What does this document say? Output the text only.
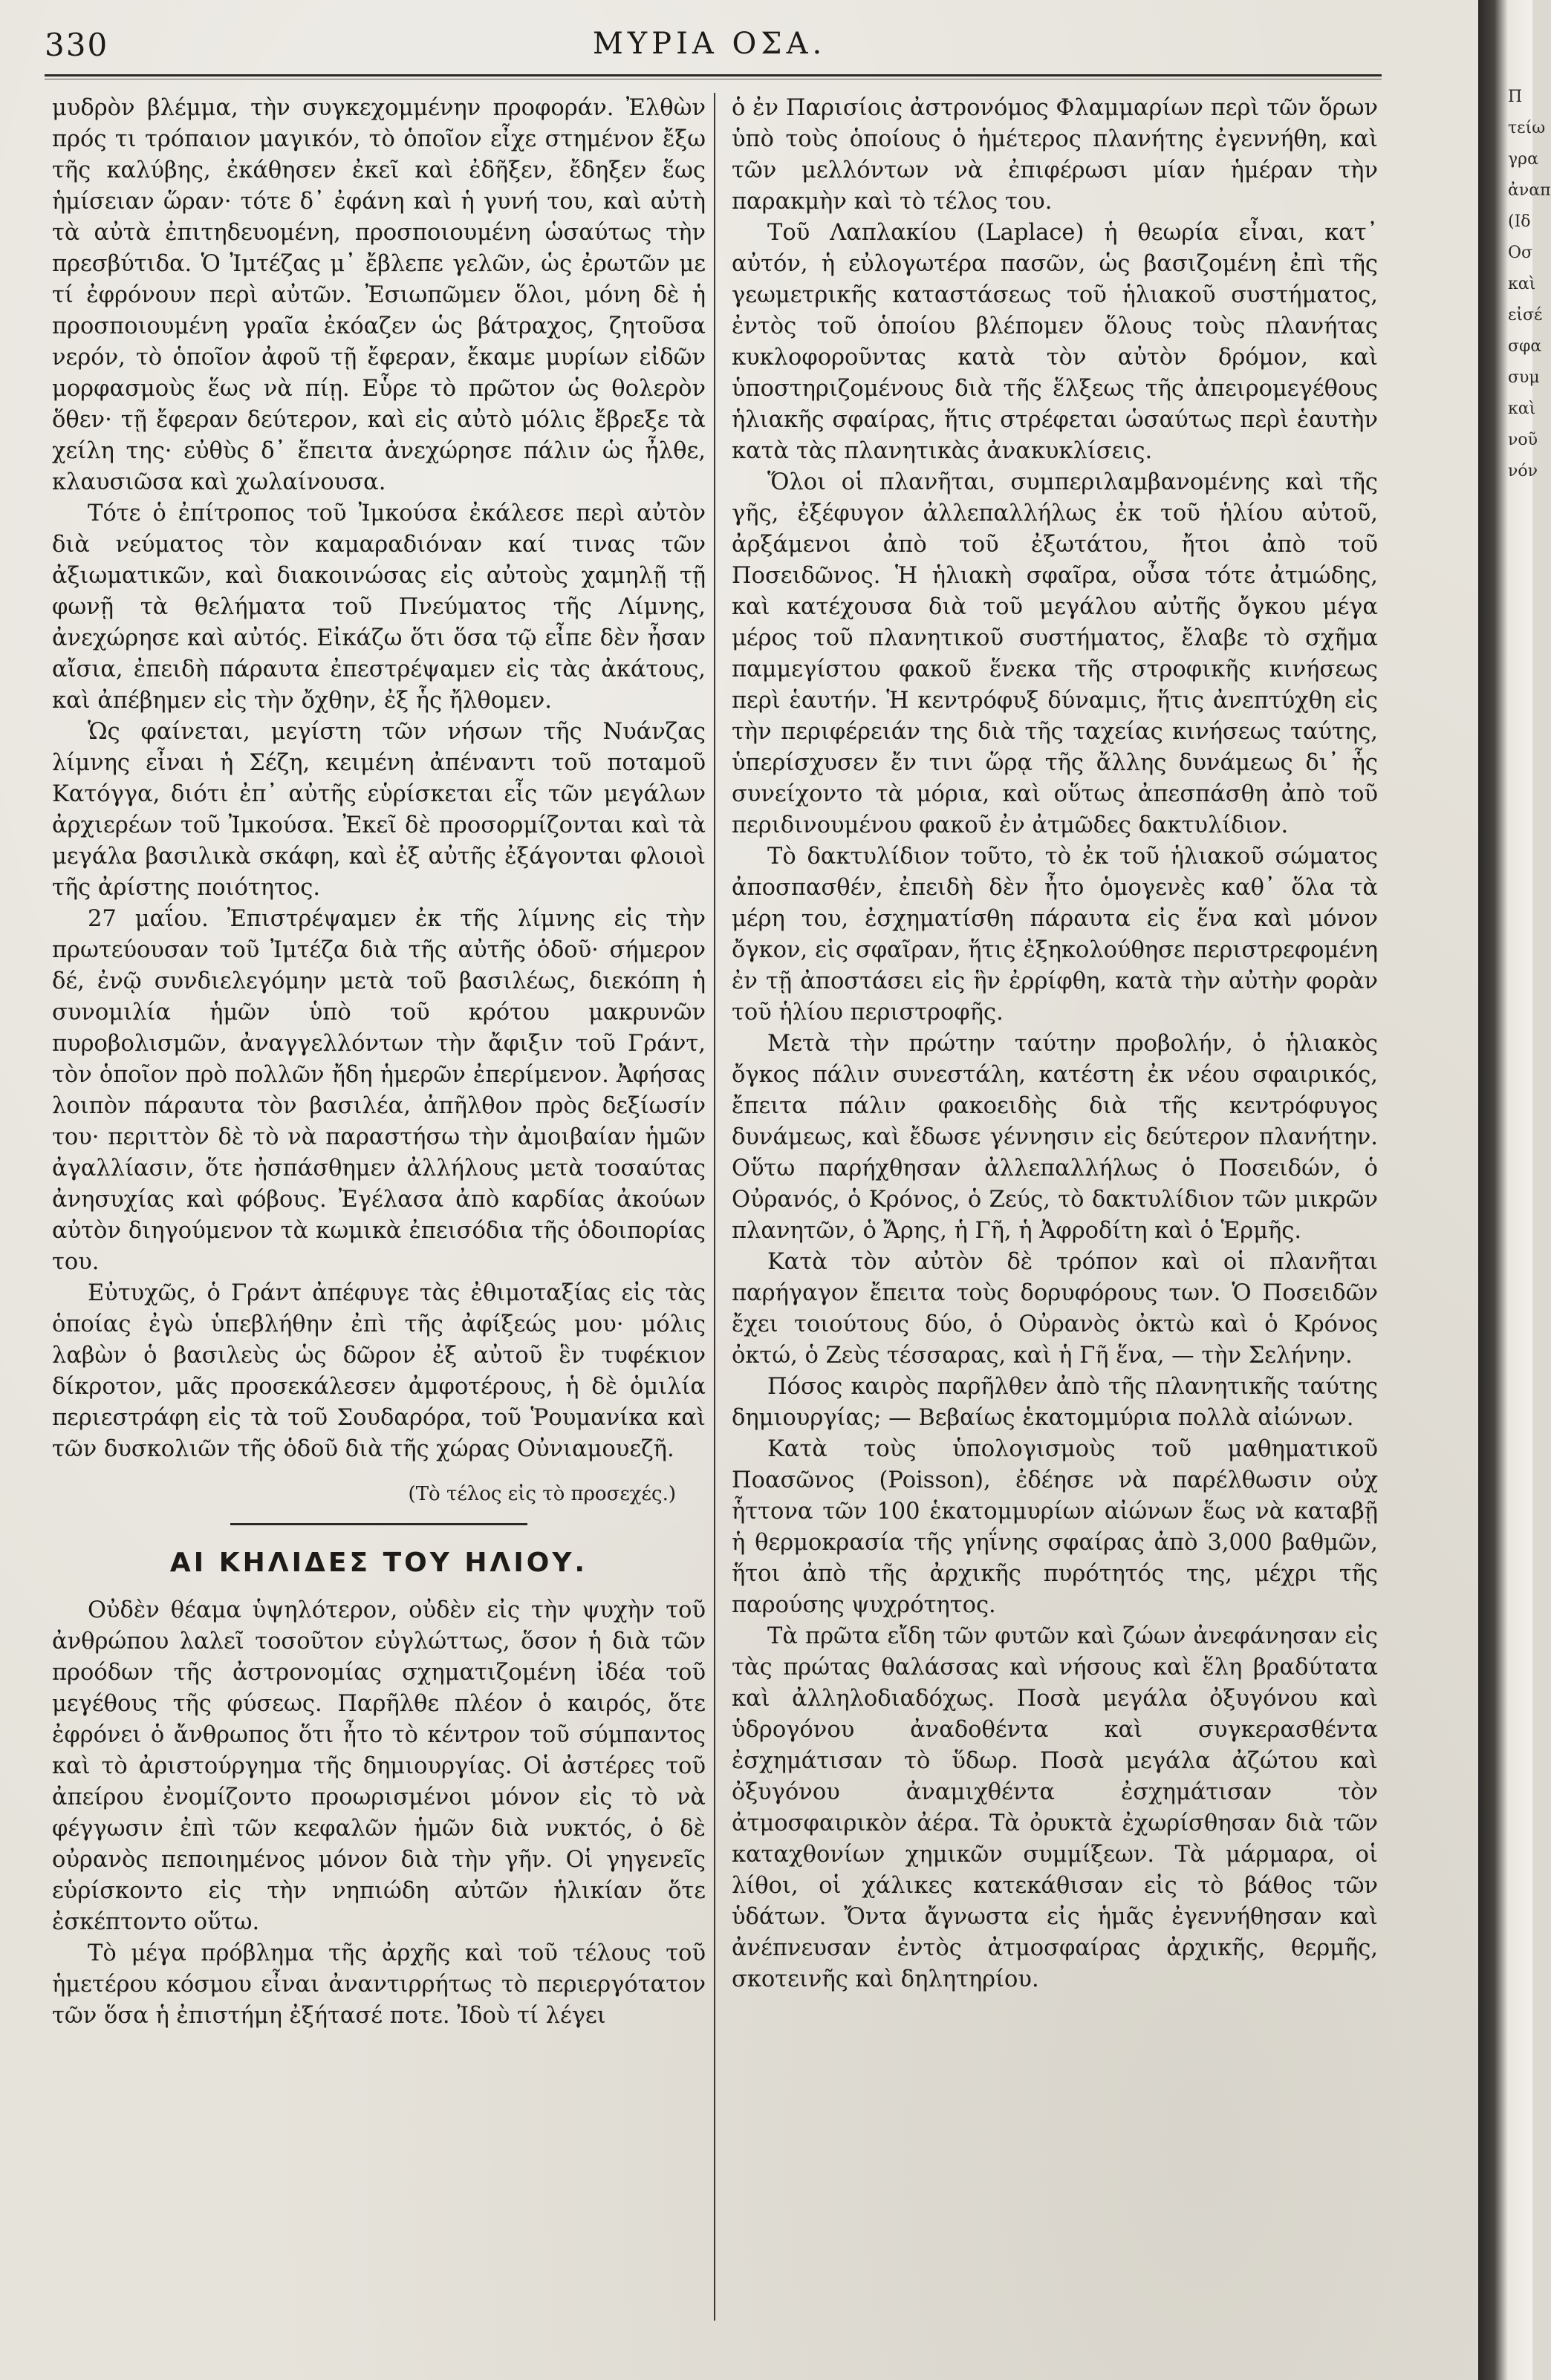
330	ΜΥΡΙΑ ΟΣΑ.

μυδρὸν βλέμμα, τὴν συγκεχομμένην προφοράν. Ἐλθὼν πρός τι τρόπαιον μαγικόν, τὸ ὁποῖον εἶχε στημένον ἔξω τῆς καλύβης, ἐκάθησεν ἐκεῖ καὶ ἐδῆξεν, ἔδηξεν ἕως ἡμίσειαν ὥραν· τότε δ᾽ ἐφάνη καὶ ἡ γυνή του, καὶ αὐτὴ τὰ αὐτὰ ἐπιτηδευομένη, προσποιουμένη ὡσαύτως τὴν πρεσβύτιδα. Ὁ Ἰμτέζας μ᾽ ἔβλεπε γελῶν, ὡς ἐρωτῶν με τί ἐφρόνουν περὶ αὐτῶν. Ἐσιωπῶμεν ὅλοι, μόνη δὲ ἡ προσποιουμένη γραῖα ἐκόαζεν ὡς βάτραχος, ζητοῦσα νερόν, τὸ ὁποῖον ἀφοῦ τῇ ἔφεραν, ἔκαμε μυρίων εἰδῶν μορφασμοὺς ἕως νὰ πίῃ. Εὗρε τὸ πρῶτον ὡς θολερὸν ὅθεν· τῇ ἔφεραν δεύτερον, καὶ εἰς αὐτὸ μόλις ἔβρεξε τὰ χείλη της· εὐθὺς δ᾽ ἔπειτα ἀνεχώρησε πάλιν ὡς ἦλθε, κλαυσιῶσα καὶ χωλαίνουσα.

Τότε ὁ ἐπίτροπος τοῦ Ἰμκούσα ἐκάλεσε περὶ αὐτὸν διὰ νεύματος τὸν καμαραδιόναν καί τινας τῶν ἀξιωματικῶν, καὶ διακοινώσας εἰς αὐτοὺς χαμηλῇ τῇ φωνῇ τὰ θελήματα τοῦ Πνεύματος τῆς Λίμνης, ἀνεχώρησε καὶ αὐτός. Εἰκάζω ὅτι ὅσα τῷ εἶπε δὲν ἦσαν αἴσια, ἐπειδὴ πάραυτα ἐπεστρέψαμεν εἰς τὰς ἀκάτους, καὶ ἀπέβημεν εἰς τὴν ὄχθην, ἐξ ἧς ἤλθομεν.

Ὡς φαίνεται, μεγίστη τῶν νήσων τῆς Νυάνζας λίμνης εἶναι ἡ Σέζη, κειμένη ἀπέναντι τοῦ ποταμοῦ Κατόγγα, διότι ἐπ᾽ αὐτῆς εὑρίσκεται εἷς τῶν μεγάλων ἀρχιερέων τοῦ Ἰμκούσα. Ἐκεῖ δὲ προσορμίζονται καὶ τὰ μεγάλα βασιλικὰ σκάφη, καὶ ἐξ αὐτῆς ἐξάγονται φλοιοὶ τῆς ἀρίστης ποιότητος.

27 μαΐου. Ἐπιστρέψαμεν ἐκ τῆς λίμνης εἰς τὴν πρωτεύουσαν τοῦ Ἰμτέζα διὰ τῆς αὐτῆς ὁδοῦ· σήμερον δέ, ἐνῷ συνδιελεγόμην μετὰ τοῦ βασιλέως, διεκόπη ἡ συνομιλία ἡμῶν ὑπὸ τοῦ κρότου μακρυνῶν πυροβολισμῶν, ἀναγγελλόντων τὴν ἄφιξιν τοῦ Γράντ, τὸν ὁποῖον πρὸ πολλῶν ἤδη ἡμερῶν ἐπερίμενον. Ἀφήσας λοιπὸν πάραυτα τὸν βασιλέα, ἀπῆλθον πρὸς δεξίωσίν του· περιττὸν δὲ τὸ νὰ παραστήσω τὴν ἀμοιβαίαν ἡμῶν ἀγαλλίασιν, ὅτε ἠσπάσθημεν ἀλλήλους μετὰ τοσαύτας ἀνησυχίας καὶ φόβους. Ἐγέλασα ἀπὸ καρδίας ἀκούων αὐτὸν διηγούμενον τὰ κωμικὰ ἐπεισόδια τῆς ὁδοιπορίας του.

Εὐτυχῶς, ὁ Γράντ ἀπέφυγε τὰς ἐθιμοταξίας εἰς τὰς ὁποίας ἐγὼ ὑπεβλήθην ἐπὶ τῆς ἀφίξεώς μου· μόλις λαβὼν ὁ βασιλεὺς ὡς δῶρον ἐξ αὐτοῦ ἓν τυφέκιον δίκροτον, μᾶς προσεκάλεσεν ἀμφοτέρους, ἡ δὲ ὁμιλία περιεστράφη εἰς τὰ τοῦ Σουδαρόρα, τοῦ Ῥουμανίκα καὶ τῶν δυσκολιῶν τῆς ὁδοῦ διὰ τῆς χώρας Οὐνιαμουεζῆ.

(Τὸ τέλος εἰς τὸ προσεχές.)

ΑΙ ΚΗΛΙΔΕΣ ΤΟΥ ΗΛΙΟΥ.

Οὐδὲν θέαμα ὑψηλότερον, οὐδὲν εἰς τὴν ψυχὴν τοῦ ἀνθρώπου λαλεῖ τοσοῦτον εὐγλώττως, ὅσον ἡ διὰ τῶν προόδων τῆς ἀστρονομίας σχηματιζομένη ἰδέα τοῦ μεγέθους τῆς φύσεως. Παρῆλθε πλέον ὁ καιρός, ὅτε ἐφρόνει ὁ ἄνθρωπος ὅτι ἦτο τὸ κέντρον τοῦ σύμπαντος καὶ τὸ ἀριστούργημα τῆς δημιουργίας. Οἱ ἀστέρες τοῦ ἀπείρου ἐνομίζοντο προωρισμένοι μόνον εἰς τὸ νὰ φέγγωσιν ἐπὶ τῶν κεφαλῶν ἡμῶν διὰ νυκτός, ὁ δὲ οὐρανὸς πεποιημένος μόνον διὰ τὴν γῆν. Οἱ γηγενεῖς εὑρίσκοντο εἰς τὴν νηπιώδη αὐτῶν ἡλικίαν ὅτε ἐσκέπτοντο οὕτω.

Τὸ μέγα πρόβλημα τῆς ἀρχῆς καὶ τοῦ τέλους τοῦ ἡμετέρου κόσμου εἶναι ἀναντιρρήτως τὸ περιεργότατον τῶν ὅσα ἡ ἐπιστήμη ἐξήτασέ ποτε. Ἰδοὺ τί λέγει

ὁ ἐν Παρισίοις ἀστρονόμος Φλαμμαρίων περὶ τῶν ὅρων ὑπὸ τοὺς ὁποίους ὁ ἡμέτερος πλανήτης ἐγεννήθη, καὶ τῶν μελλόντων νὰ ἐπιφέρωσι μίαν ἡμέραν τὴν παρακμὴν καὶ τὸ τέλος του.

Τοῦ Λαπλακίου (Laplace) ἡ θεωρία εἶναι, κατ᾽ αὐτόν, ἡ εὐλογωτέρα πασῶν, ὡς βασιζομένη ἐπὶ τῆς γεωμετρικῆς καταστάσεως τοῦ ἡλιακοῦ συστήματος, ἐντὸς τοῦ ὁποίου βλέπομεν ὅλους τοὺς πλανήτας κυκλοφοροῦντας κατὰ τὸν αὐτὸν δρόμον, καὶ ὑποστηριζομένους διὰ τῆς ἕλξεως τῆς ἀπειρομεγέθους ἡλιακῆς σφαίρας, ἥτις στρέφεται ὡσαύτως περὶ ἑαυτὴν κατὰ τὰς πλανητικὰς ἀνακυκλίσεις.

Ὅλοι οἱ πλανῆται, συμπεριλαμβανομένης καὶ τῆς γῆς, ἐξέφυγον ἀλλεπαλλήλως ἐκ τοῦ ἡλίου αὐτοῦ, ἀρξάμενοι ἀπὸ τοῦ ἐξωτάτου, ἤτοι ἀπὸ τοῦ Ποσειδῶνος. Ἡ ἡλιακὴ σφαῖρα, οὖσα τότε ἀτμώδης, καὶ κατέχουσα διὰ τοῦ μεγάλου αὐτῆς ὄγκου μέγα μέρος τοῦ πλανητικοῦ συστήματος, ἔλαβε τὸ σχῆμα παμμεγίστου φακοῦ ἕνεκα τῆς στροφικῆς κινήσεως περὶ ἑαυτήν. Ἡ κεντρόφυξ δύναμις, ἥτις ἀνεπτύχθη εἰς τὴν περιφέρειάν της διὰ τῆς ταχείας κινήσεως ταύτης, ὑπερίσχυσεν ἔν τινι ὥρᾳ τῆς ἄλλης δυνάμεως δι᾽ ἧς συνείχοντο τὰ μόρια, καὶ οὕτως ἀπεσπάσθη ἀπὸ τοῦ περιδινουμένου φακοῦ ἐν ἀτμῶδες δακτυλίδιον.

Τὸ δακτυλίδιον τοῦτο, τὸ ἐκ τοῦ ἡλιακοῦ σώματος ἀποσπασθέν, ἐπειδὴ δὲν ἦτο ὁμογενὲς καθ᾽ ὅλα τὰ μέρη του, ἐσχηματίσθη πάραυτα εἰς ἕνα καὶ μόνον ὄγκον, εἰς σφαῖραν, ἥτις ἐξηκολούθησε περιστρεφομένη ἐν τῇ ἀποστάσει εἰς ἣν ἐρρίφθη, κατὰ τὴν αὐτὴν φορὰν τοῦ ἡλίου περιστροφῆς.

Μετὰ τὴν πρώτην ταύτην προβολήν, ὁ ἡλιακὸς ὄγκος πάλιν συνεστάλη, κατέστη ἐκ νέου σφαιρικός, ἔπειτα πάλιν φακοειδὴς διὰ τῆς κεντρόφυγος δυνάμεως, καὶ ἔδωσε γέννησιν εἰς δεύτερον πλανήτην. Οὕτω παρήχθησαν ἀλλεπαλλήλως ὁ Ποσειδών, ὁ Οὐρανός, ὁ Κρόνος, ὁ Ζεύς, τὸ δακτυλίδιον τῶν μικρῶν πλανητῶν, ὁ Ἄρης, ἡ Γῆ, ἡ Ἀφροδίτη καὶ ὁ Ἑρμῆς.

Κατὰ τὸν αὐτὸν δὲ τρόπον καὶ οἱ πλανῆται παρήγαγον ἔπειτα τοὺς δορυφόρους των. Ὁ Ποσειδῶν ἔχει τοιούτους δύο, ὁ Οὐρανὸς ὀκτὼ καὶ ὁ Κρόνος ὀκτώ, ὁ Ζεὺς τέσσαρας, καὶ ἡ Γῆ ἕνα, — τὴν Σελήνην.

Πόσος καιρὸς παρῆλθεν ἀπὸ τῆς πλανητικῆς ταύτης δημιουργίας; — Βεβαίως ἑκατομμύρια πολλὰ αἰώνων.

Κατὰ τοὺς ὑπολογισμοὺς τοῦ μαθηματικοῦ Ποασῶνος (Poisson), ἐδέησε νὰ παρέλθωσιν οὐχ ἧττονα τῶν 100 ἑκατομμυρίων αἰώνων ἕως νὰ καταβῇ ἡ θερμοκρασία τῆς γηΐνης σφαίρας ἀπὸ 3,000 βαθμῶν, ἥτοι ἀπὸ τῆς ἀρχικῆς πυρότητός της, μέχρι τῆς παρούσης ψυχρότητος.

Τὰ πρῶτα εἴδη τῶν φυτῶν καὶ ζώων ἀνεφάνησαν εἰς τὰς πρώτας θαλάσσας καὶ νήσους καὶ ἕλη βραδύτατα καὶ ἀλληλοδιαδόχως. Ποσὰ μεγάλα ὀξυγόνου καὶ ὑδρογόνου ἀναδοθέντα καὶ συγκερασθέντα ἐσχημάτισαν τὸ ὕδωρ. Ποσὰ μεγάλα ἀζώτου καὶ ὀξυγόνου ἀναμιχθέντα ἐσχημάτισαν τὸν ἀτμοσφαιρικὸν ἀέρα. Τὰ ὀρυκτὰ ἐχωρίσθησαν διὰ τῶν καταχθονίων χημικῶν συμμίξεων. Τὰ μάρμαρα, οἱ λίθοι, οἱ χάλικες κατεκάθισαν εἰς τὸ βάθος τῶν ὑδάτων. Ὄντα ἄγνωστα εἰς ἡμᾶς ἐγεννήθησαν καὶ ἀνέπνευσαν ἐντὸς ἀτμοσφαίρας ἀρχικῆς, θερμῆς, σκοτεινῆς καὶ δηλητηρίου.

Π
τείω
γρα
ἀναπ
(Ιδ
Οσ
καὶ
εἰσέ
σφα
συμ
καὶ
νοῦ
νόν
